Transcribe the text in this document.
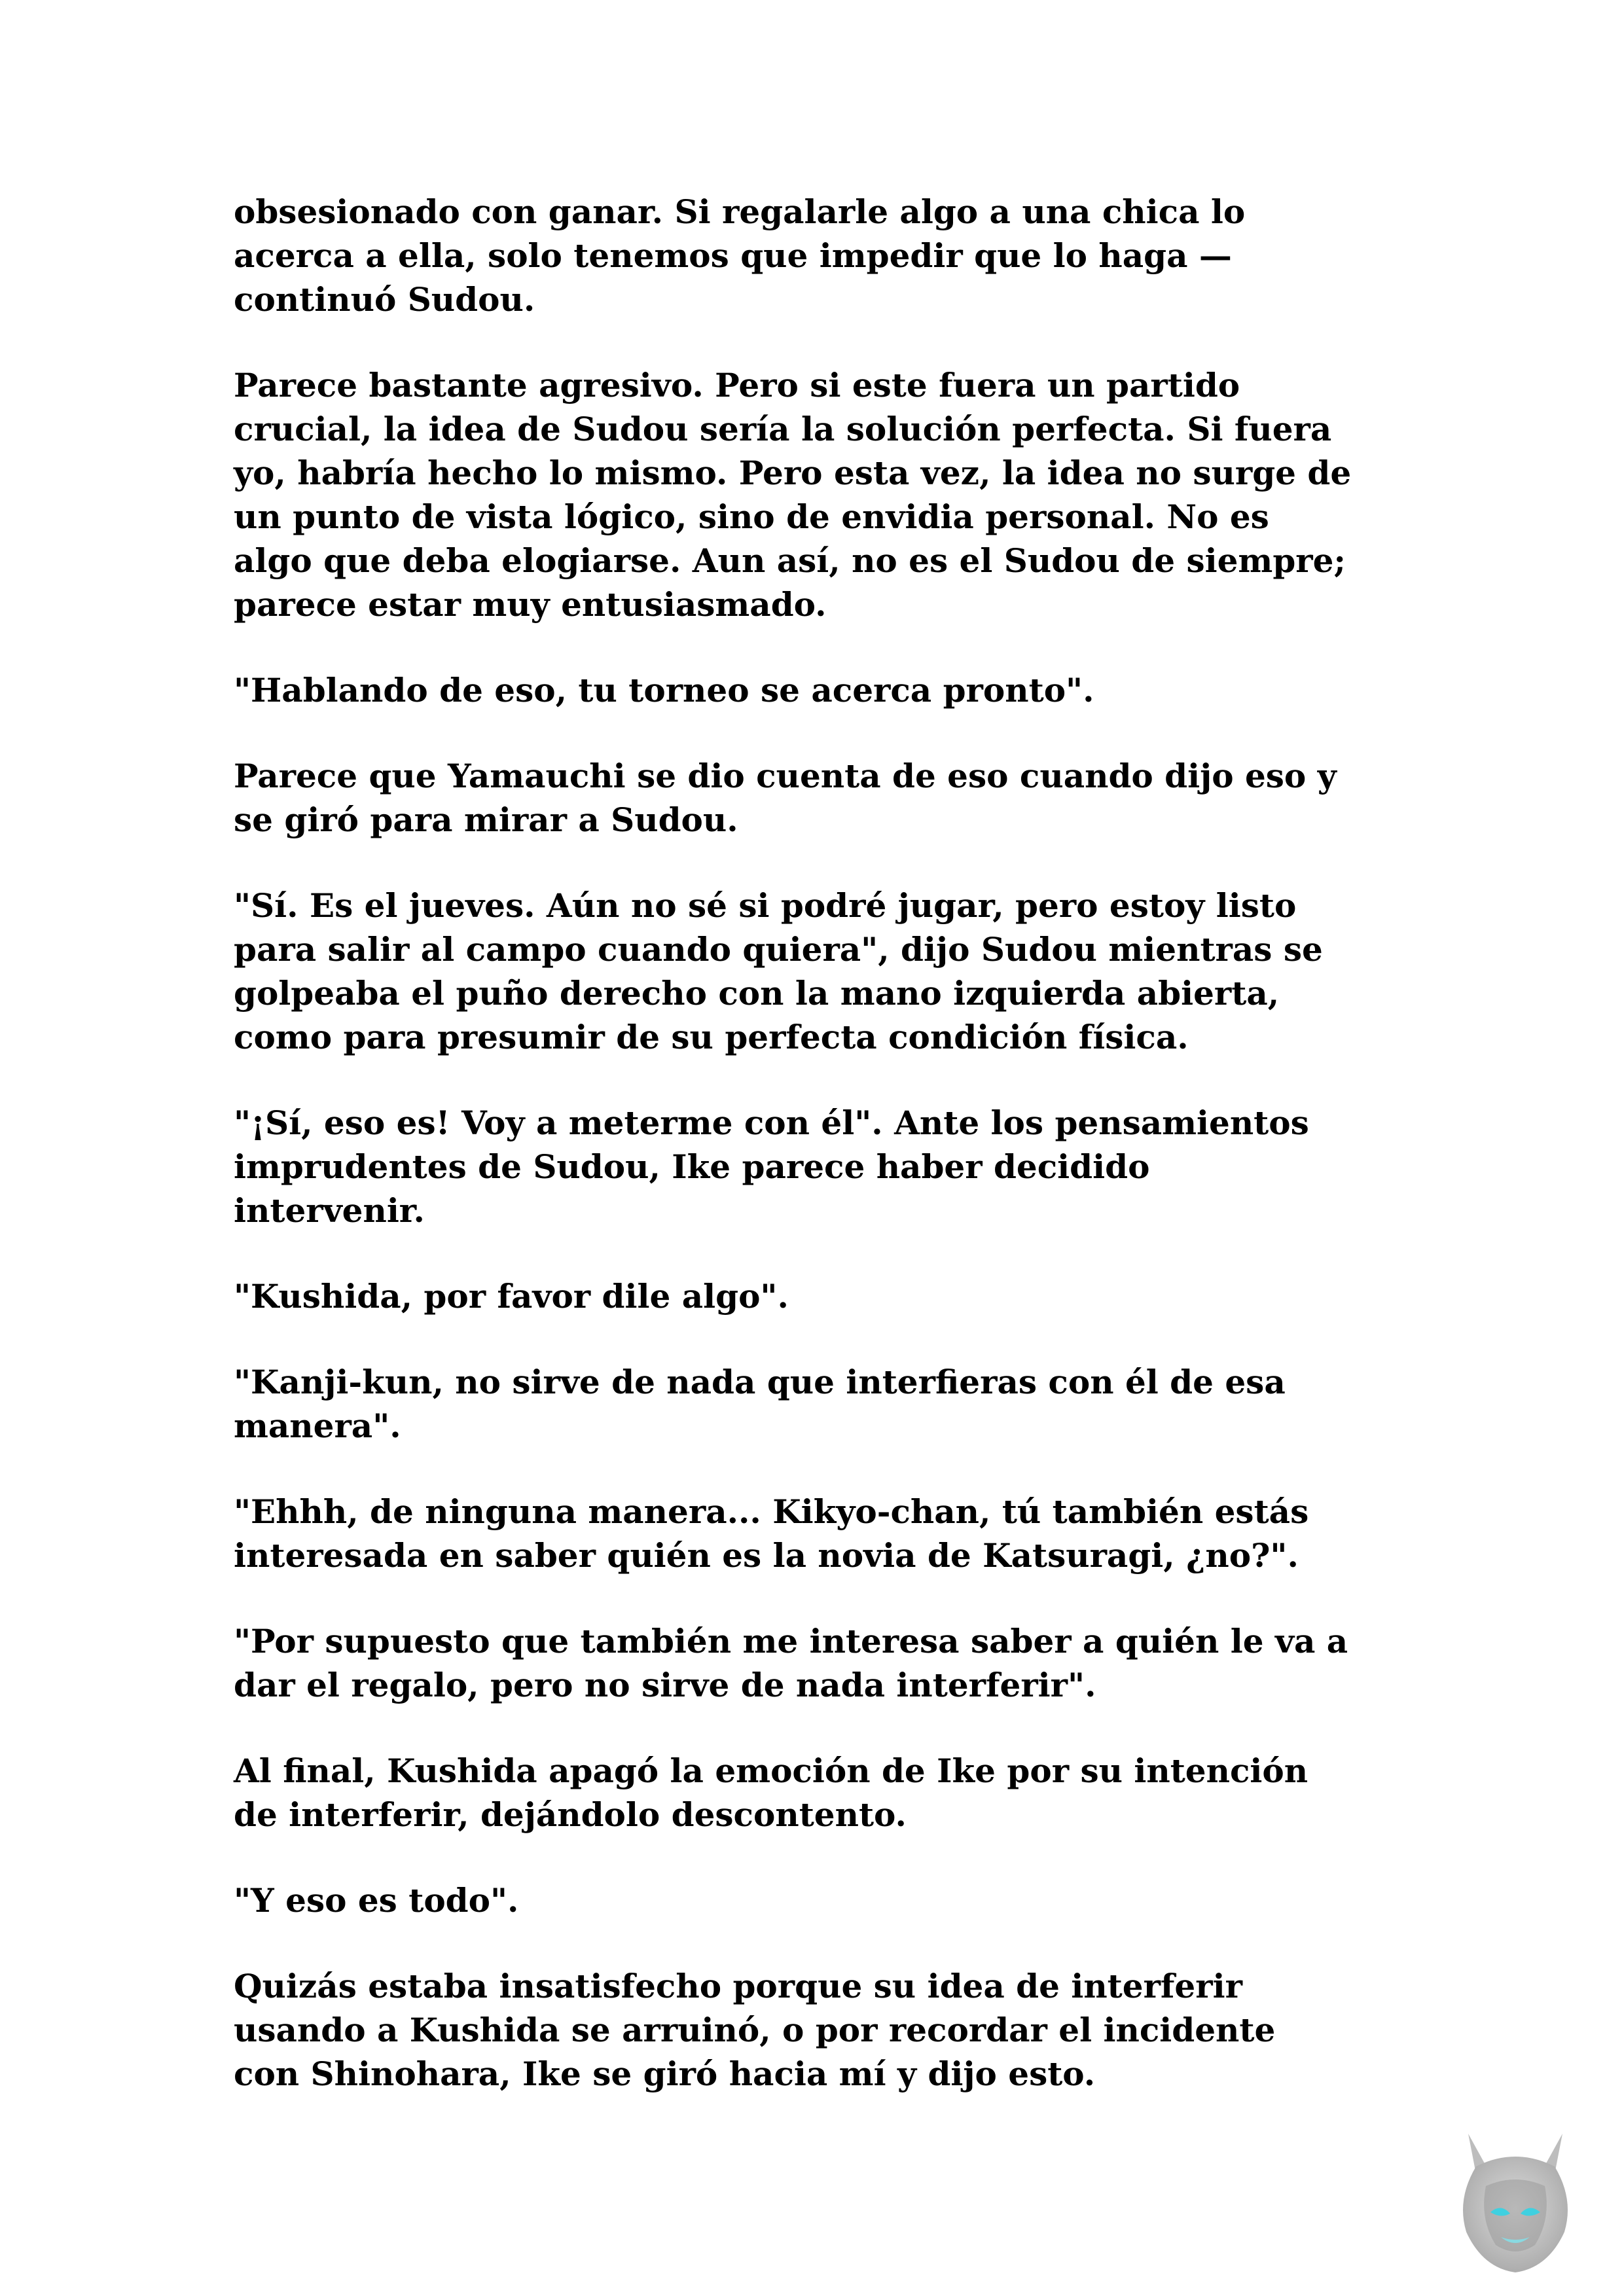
obsesionado con ganar. Si regalarle algo a una chica lo
acerca a ella, solo tenemos que impedir que lo haga —
continuó Sudou.

Parece bastante agresivo. Pero si este fuera un partido
crucial, la idea de Sudou sería la solución perfecta. Si fuera
yo, habría hecho lo mismo. Pero esta vez, la idea no surge de
un punto de vista lógico, sino de envidia personal. No es
algo que deba elogiarse. Aun así, no es el Sudou de siempre;
parece estar muy entusiasmado.

"Hablando de eso, tu torneo se acerca pronto".

Parece que Yamauchi se dio cuenta de eso cuando dijo eso y
se giró para mirar a Sudou.

"Sí. Es el jueves. Aún no sé si podré jugar, pero estoy listo
para salir al campo cuando quiera", dijo Sudou mientras se
golpeaba el puño derecho con la mano izquierda abierta,
como para presumir de su perfecta condición física.

"¡Sí, eso es! Voy a meterme con él". Ante los pensamientos
imprudentes de Sudou, Ike parece haber decidido
intervenir.

"Kushida, por favor dile algo".

"Kanji-kun, no sirve de nada que interfieras con él de esa
manera".

"Ehhh, de ninguna manera... Kikyo-chan, tú también estás
interesada en saber quién es la novia de Katsuragi, ¿no?".

"Por supuesto que también me interesa saber a quién le va a
dar el regalo, pero no sirve de nada interferir".

Al final, Kushida apagó la emoción de Ike por su intención
de interferir, dejándolo descontento.

"Y eso es todo".

Quizás estaba insatisfecho porque su idea de interferir
usando a Kushida se arruinó, o por recordar el incidente
con Shinohara, Ike se giró hacia mí y dijo esto.
